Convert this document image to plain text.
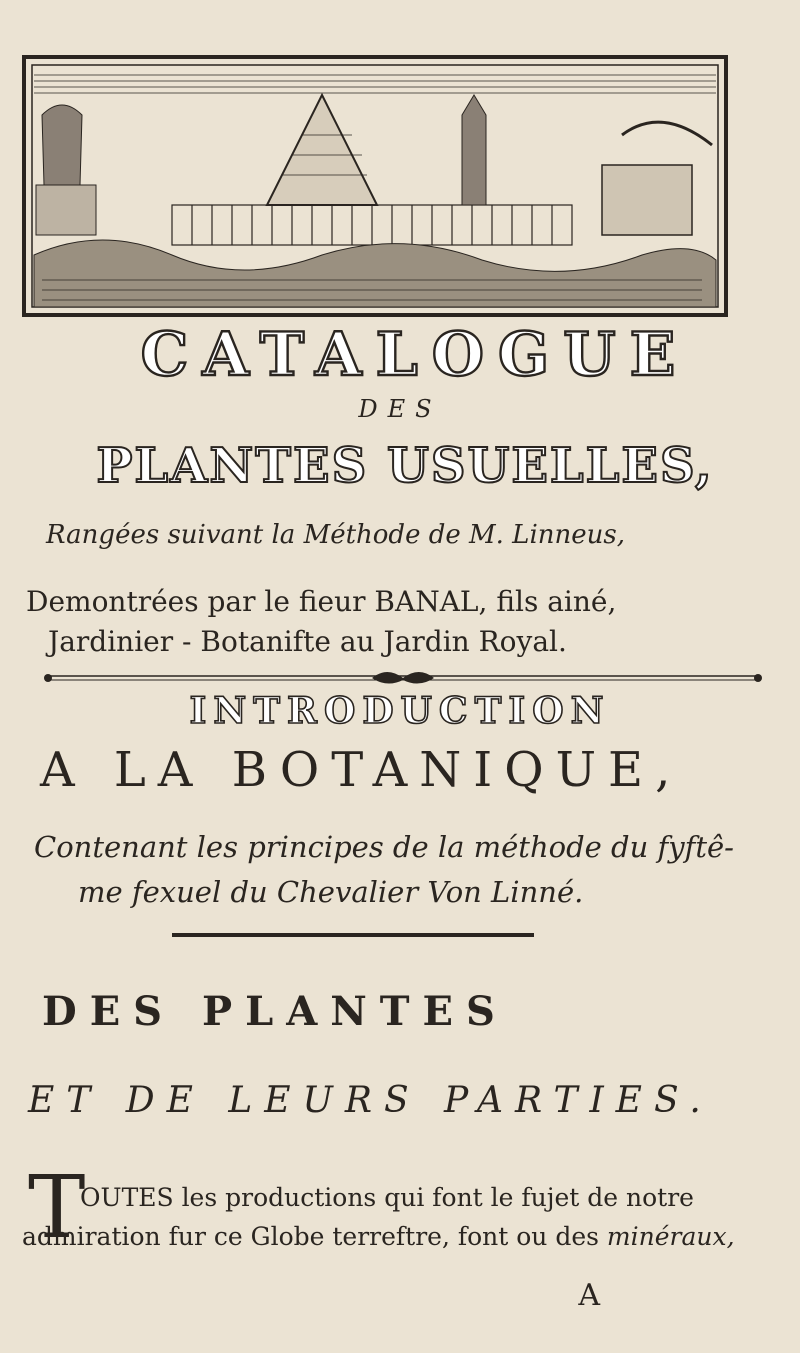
CATALOGUE
DES
PLANTES USUELLES,
Rangées suivant la Méthode de M. Linneus,
Demontrées par le fieur BANAL, fils ainé,
Jardinier - Botanifte au Jardin Royal.
INTRODUCTION
A LA BOTANIQUE,
Contenant les principes de la méthode du fyftê-
me fexuel du Chevalier Von Linné.
DES PLANTES
ET DE LEURS PARTIES.
T
OUTES les productions qui font le fujet de notre
admiration fur ce Globe terreftre, font ou des minéraux,
A
